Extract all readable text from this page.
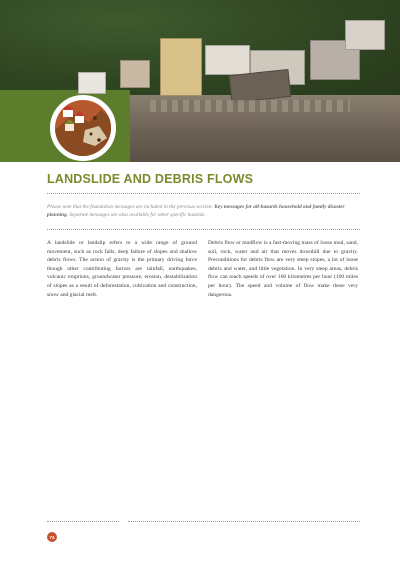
LANDSLIDE AND DEBRIS FLOWS
Please note that the foundation messages are included in the previous section: Key messages for all-hazards household and family disaster planning. Separate messages are also available for other specific hazards.
A landslide or landslip refers to a wide range of ground movement, such as rock falls, deep failure of slopes and shallow debris flows. The action of gravity is the primary driving force though other contributing factors are rainfall, earthquakes, volcanic eruptions, groundwater pressure, erosion, destabilization of slopes as a result of deforestation, cultivation and construction, snow and glacial melt.
Debris flow or mudflow is a fast-moving mass of loose mud, sand, soil, rock, water and air that moves downhill due to gravity. Preconditions for debris flow are very steep slopes, a lot of loose debris and water, and little vegetation. In very steep areas, debris flow can reach speeds of over 160 kilometres per hour (100 miles per hour). The speed and volume of flow make these very dangerous.
74
